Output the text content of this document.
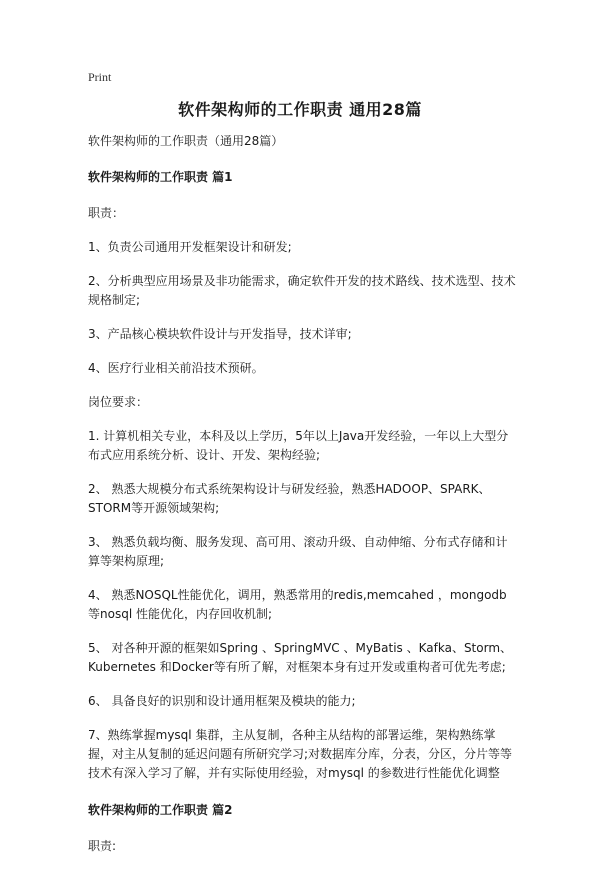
Print
软件架构师的工作职责 通用28篇

软件架构师的工作职责（通用28篇）

软件架构师的工作职责 篇1

职责：

1、负责公司通用开发框架设计和研发;

2、分析典型应用场景及非功能需求，确定软件开发的技术路线、技术选型、技术规格制定;

3、产品核心模块软件设计与开发指导，技术详审;

4、医疗行业相关前沿技术预研。

岗位要求：

1. 计算机相关专业，本科及以上学历，5年以上Java开发经验，一年以上大型分布式应用系统分析、设计、开发、架构经验;

2、 熟悉大规模分布式系统架构设计与研发经验，熟悉HADOOP、SPARK、STORM等开源领域架构;

3、 熟悉负载均衡、服务发现、高可用、滚动升级、自动伸缩、分布式存储和计算等架构原理;

4、 熟悉NOSQL性能优化，调用，熟悉常用的redis,memcahed ，mongodb 等nosql 性能优化，内存回收机制;

5、 对各种开源的框架如Spring 、SpringMVC 、MyBatis 、Kafka、Storm、Kubernetes 和Docker等有所了解，对框架本身有过开发或重构者可优先考虑;

6、 具备良好的识别和设计通用框架及模块的能力;

7、熟练掌握mysql 集群，主从复制，各种主从结构的部署运维，架构熟练掌握，对主从复制的延迟问题有所研究学习;对数据库分库，分表，分区，分片等等技术有深入学习了解，并有实际使用经验，对mysql 的参数进行性能优化调整

软件架构师的工作职责 篇2

职责:
